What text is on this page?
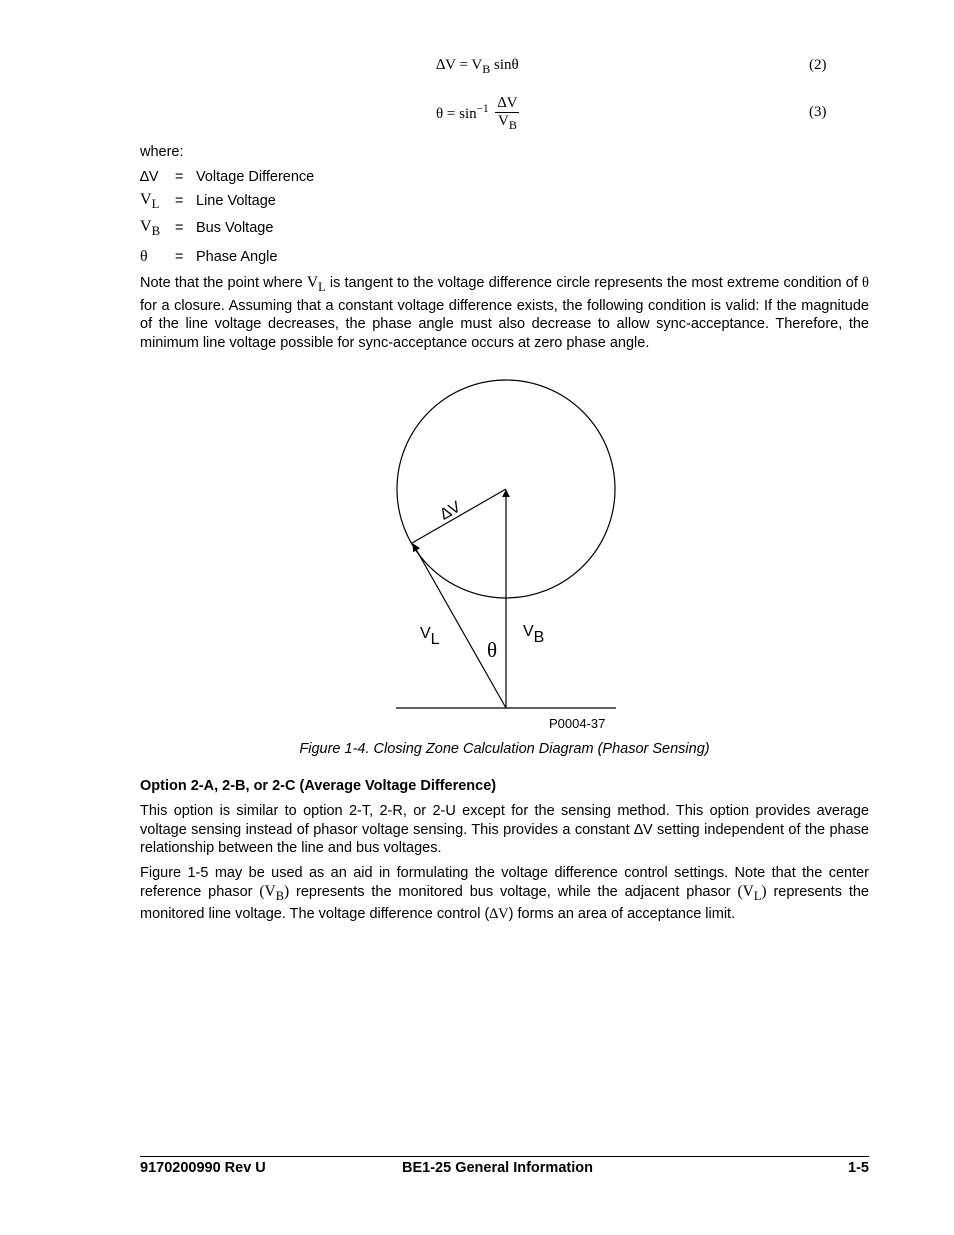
$\Delta V = V_B$ sinθ	(2)
$\theta = \sin^{-1} \frac{\Delta V}{V_B}$	(3)
where:
∆V	= Voltage Difference
$V_L$	= Line Voltage
$V_B$	= Bus Voltage
θ	= Phase Angle

Note that the point where $V_L$ is tangent to the voltage difference circle represents the most extreme condition of θ for a closure. Assuming that a constant voltage difference exists, the following condition is valid: If the magnitude of the line voltage decreases, the phase angle must also decrease to allow sync-acceptance. Therefore, the minimum line voltage possible for sync-acceptance occurs at zero phase angle.

∆V
VL	VB
θ
P0004-37
Figure 1-4. Closing Zone Calculation Diagram (Phasor Sensing)
Option 2-A, 2-B, or 2-C (Average Voltage Difference)

This option is similar to option 2-T, 2-R, or 2-U except for the sensing method. This option provides average voltage sensing instead of phasor voltage sensing. This provides a constant ∆V setting independent of the phase relationship between the line and bus voltages.

Figure 1-5 may be used as an aid in formulating the voltage difference control settings. Note that the center reference phasor $(V_B)$ represents the monitored bus voltage, while the adjacent phasor $(V_L)$ represents the monitored line voltage. The voltage difference control (∆V) forms an area of acceptance limit.

9170200990 Rev U	BE1-25 General Information	1-5
